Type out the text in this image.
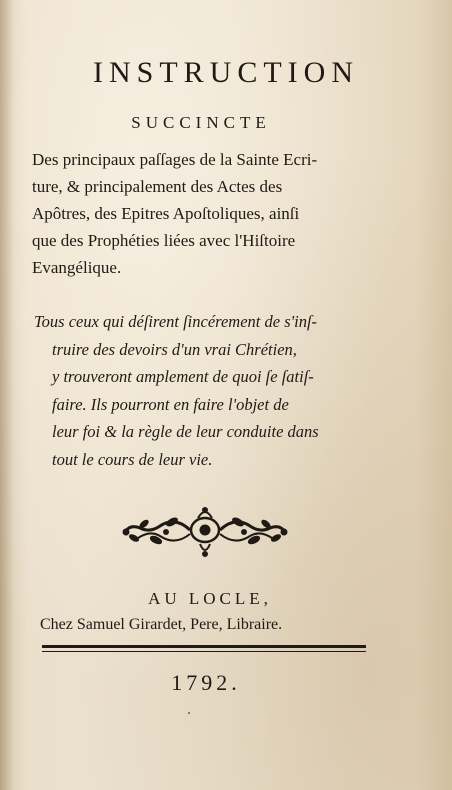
INSTRUCTION
SUCCINCTE
Des principaux paſſages de la Sainte Ecri-
ture, & principalement des Actes des
Apôtres, des Epitres Apoſtoliques, ainſi
que des Prophéties liées avec l'Hiſtoire
Evangélique.
Tous ceux qui déſirent ſincérement de s'inſ-
truire des devoirs d'un vrai Chrétien,
y trouveront amplement de quoi ſe ſatiſ-
faire. Ils pourront en faire l'objet de
leur foi & la règle de leur conduite dans
tout le cours de leur vie.
AU LOCLE,
Chez Samuel Girardet, Pere, Libraire.
1792.
